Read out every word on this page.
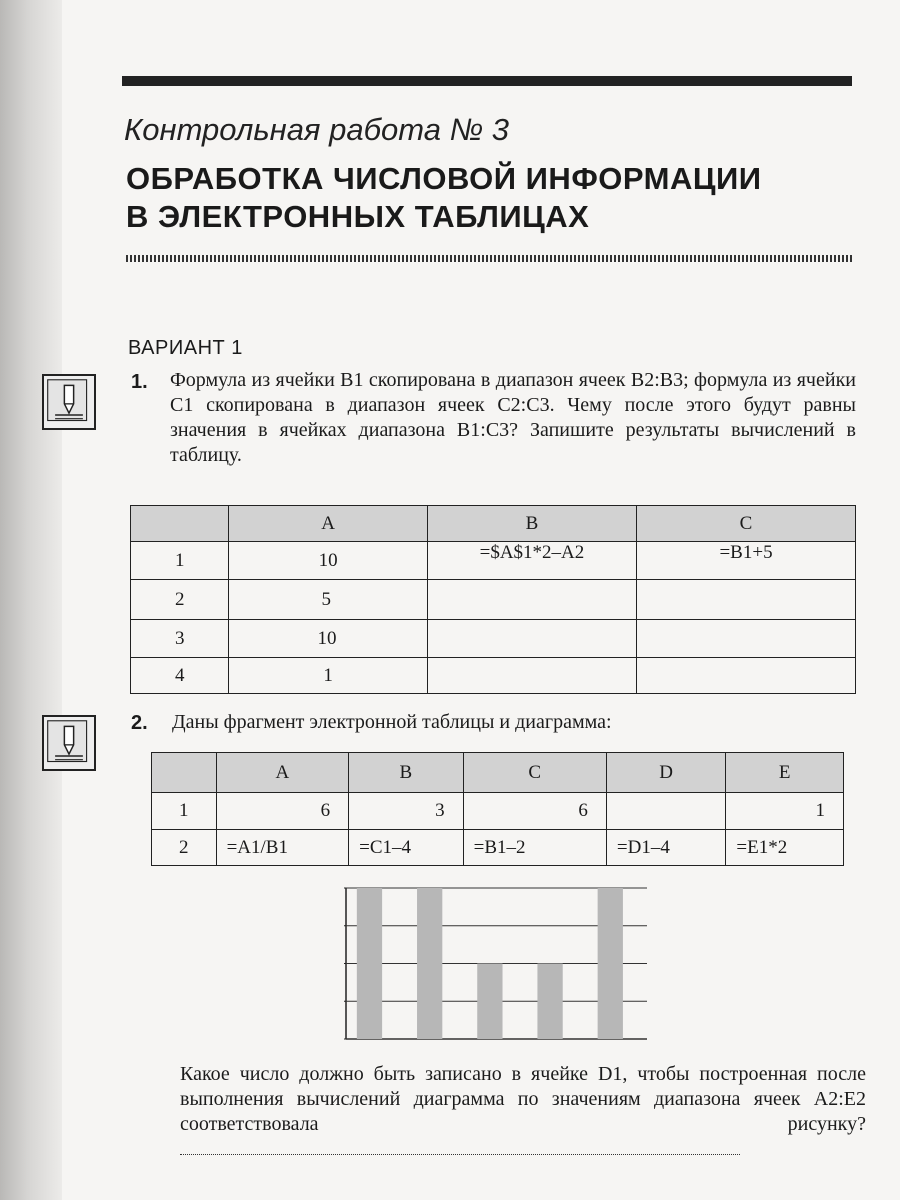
Контрольная работа № 3
ОБРАБОТКА ЧИСЛОВОЙ ИНФОРМАЦИИ
В ЭЛЕКТРОННЫХ ТАБЛИЦАХ
ВАРИАНТ 1
1. Формула из ячейки B1 скопирована в диапазон ячеек B2:B3; формула из ячейки C1 скопирована в диапазон ячеек C2:C3. Чему после этого будут равны значения в ячейках диапазона B1:C3? Запишите результаты вычислений в таблицу.
	A	B	C
1	10	=$A$1*2–A2	=B1+5
2	5		
3	10		
4	1		
2. Даны фрагмент электронной таблицы и диаграмма:
	A	B	C	D	E
1	6	3	6		1
2	=A1/B1	=C1–4	=B1–2	=D1–4	=E1*2
Какое число должно быть записано в ячейке D1, чтобы построенная после выполнения вычислений диаграмма по значениям диапазона ячеек A2:E2 соответствовала рисунку?
